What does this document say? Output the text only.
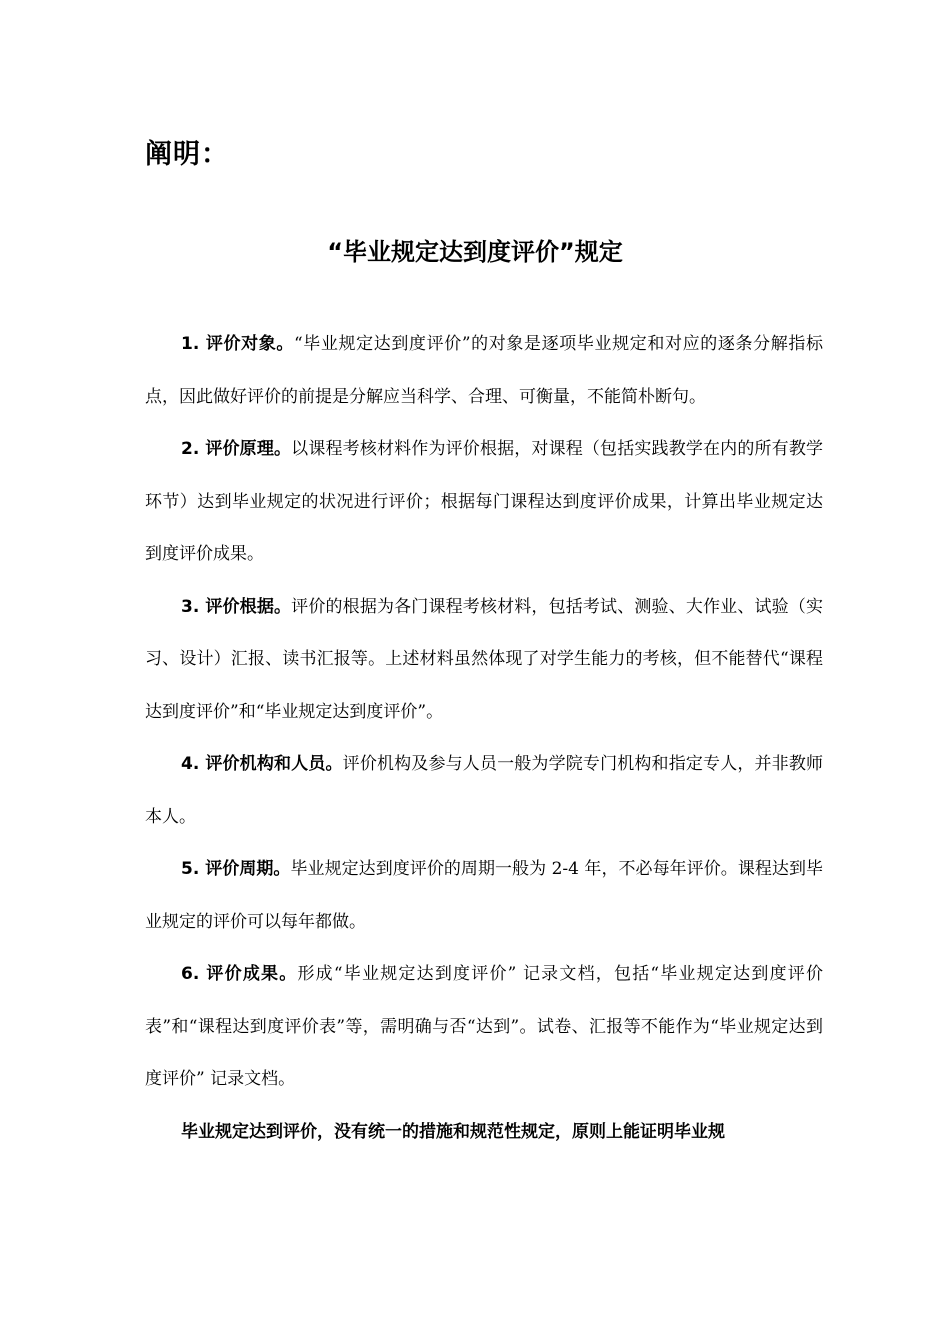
阐明：
“毕业规定达到度评价”规定

1. 评价对象。“毕业规定达到度评价”的对象是逐项毕业规定和对应的逐条分解指标点，因此做好评价的前提是分解应当科学、合理、可衡量，不能简朴断句。

2. 评价原理。以课程考核材料作为评价根据，对课程（包括实践教学在内的所有教学环节）达到毕业规定的状况进行评价；根据每门课程达到度评价成果，计算出毕业规定达到度评价成果。

3. 评价根据。评价的根据为各门课程考核材料，包括考试、测验、大作业、试验（实习、设计）汇报、读书汇报等。上述材料虽然体现了对学生能力的考核，但不能替代“课程达到度评价”和“毕业规定达到度评价”。

4. 评价机构和人员。评价机构及参与人员一般为学院专门机构和指定专人，并非教师本人。

5. 评价周期。毕业规定达到度评价的周期一般为 2-4 年，不必每年评价。课程达到毕业规定的评价可以每年都做。

6. 评价成果。形成“毕业规定达到度评价” 记录文档，包括“毕业规定达到度评价表”和“课程达到度评价表”等，需明确与否“达到”。试卷、汇报等不能作为“毕业规定达到度评价” 记录文档。

毕业规定达到评价，没有统一的措施和规范性规定，原则上能证明毕业规
